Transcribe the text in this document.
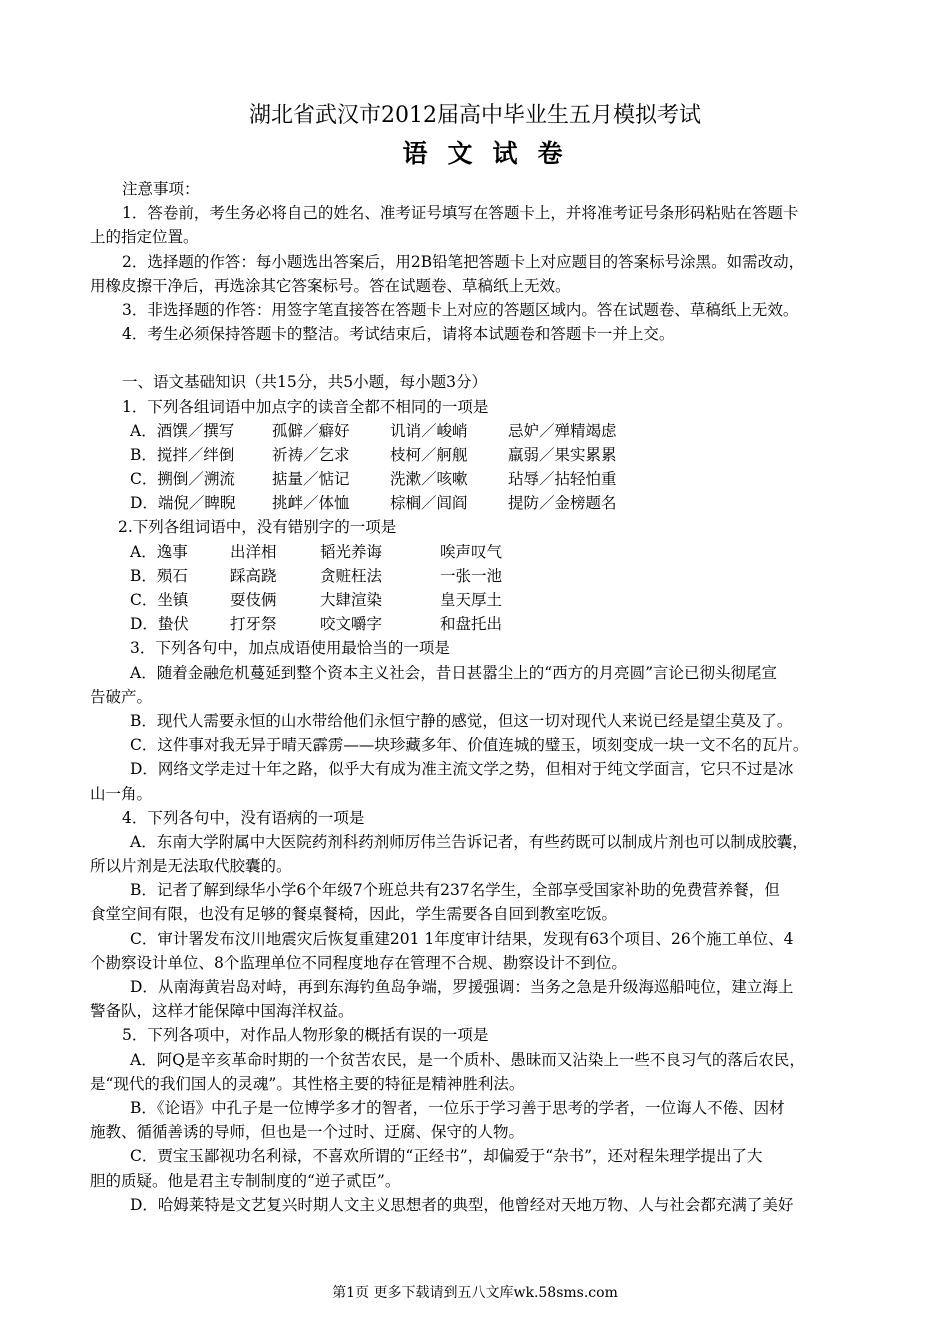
湖北省武汉市2012届高中毕业生五月模拟考试
语文试卷
注意事项：
1．答卷前，考生务必将自己的姓名、准考证号填写在答题卡上，并将准考证号条形码粘贴在答题卡
上的指定位置。
2．选择题的作答：每小题选出答案后，用2B铅笔把答题卡上对应题目的答案标号涂黑。如需改动，
用橡皮擦干净后，再选涂其它答案标号。答在试题卷、草稿纸上无效。
3．非选择题的作答：用签字笔直接答在答题卡上对应的答题区域内。答在试题卷、草稿纸上无效。
4．考生必须保持答题卡的整洁。考试结束后，请将本试题卷和答题卡一并上交。
一、语文基础知识（共15分，共5小题，每小题3分）
1．下列各组词语中加点字的读音全都不相同的一项是
A．酒馔／撰写	孤僻／癖好	讥诮／峻峭	忌妒／殚精竭虑
B．搅拌／绊倒	祈祷／乞求	枝柯／舸舰	羸弱／果实累累
C．搠倒／溯流	掂量／惦记	洗漱／咳嗽	玷辱／拈轻怕重
D．端倪／睥睨	挑衅／体恤	棕榈／闾阎	提防／金榜题名
2.下列各组词语中，没有错别字的一项是
A．逸事	出洋相	韬光养诲	唉声叹气
B．殒石	踩高跷	贪赃枉法	一张一池
C．坐镇	耍伎俩	大肆渲染	皇天厚土
D．蛰伏	打牙祭	咬文嚼字	和盘托出
3．下列各句中，加点成语使用最恰当的一项是
A．随着金融危机蔓延到整个资本主义社会，昔日甚嚣尘上的“西方的月亮圆”言论已彻头彻尾宣
告破产。
B．现代人需要永恒的山水带给他们永恒宁静的感觉，但这一切对现代人来说已经是望尘莫及了。
C．这件事对我无异于晴天霹雳——块珍藏多年、价值连城的璧玉，顷刻变成一块一文不名的瓦片。
D．网络文学走过十年之路，似乎大有成为准主流文学之势，但相对于纯文学面言，它只不过是冰
山一角。
4．下列各句中，没有语病的一项是
A．东南大学附属中大医院药剂科药剂师厉伟兰告诉记者，有些药既可以制成片剂也可以制成胶囊，
所以片剂是无法取代胶囊的。
B．记者了解到绿华小学6个年级7个班总共有237名学生，全部享受国家补助的免费营养餐，但
食堂空间有限，也没有足够的餐桌餐椅，因此，学生需要各自回到教室吃饭。
C．审计署发布汶川地震灾后恢复重建201 1年度审计结果，发现有63个项目、26个施工单位、4
个勘察设计单位、8个监理单位不同程度地存在管理不合规、勘察设计不到位。
D．从南海黄岩岛对峙，再到东海钓鱼岛争端，罗援强调：当务之急是升级海巡船吨位，建立海上
警备队，这样才能保障中国海洋权益。
5．下列各项中，对作品人物形象的概括有误的一项是
A．阿Q是辛亥革命时期的一个贫苦农民，是一个质朴、愚昧而又沾染上一些不良习气的落后农民，
是“现代的我们国人的灵魂”。其性格主要的特征是精神胜利法。
B．《论语》中孔子是一位博学多才的智者，一位乐于学习善于思考的学者，一位诲人不倦、因材
施教、循循善诱的导师，但也是一个过时、迂腐、保守的人物。
C．贾宝玉鄙视功名利禄，不喜欢所谓的“正经书”，却偏爱于“杂书”，还对程朱理学提出了大
胆的质疑。他是君主专制制度的“逆子贰臣”。
D．哈姆莱特是文艺复兴时期人文主义思想者的典型，他曾经对天地万物、人与社会都充满了美好
第1页 更多下载请到五八文库wk.58sms.com
